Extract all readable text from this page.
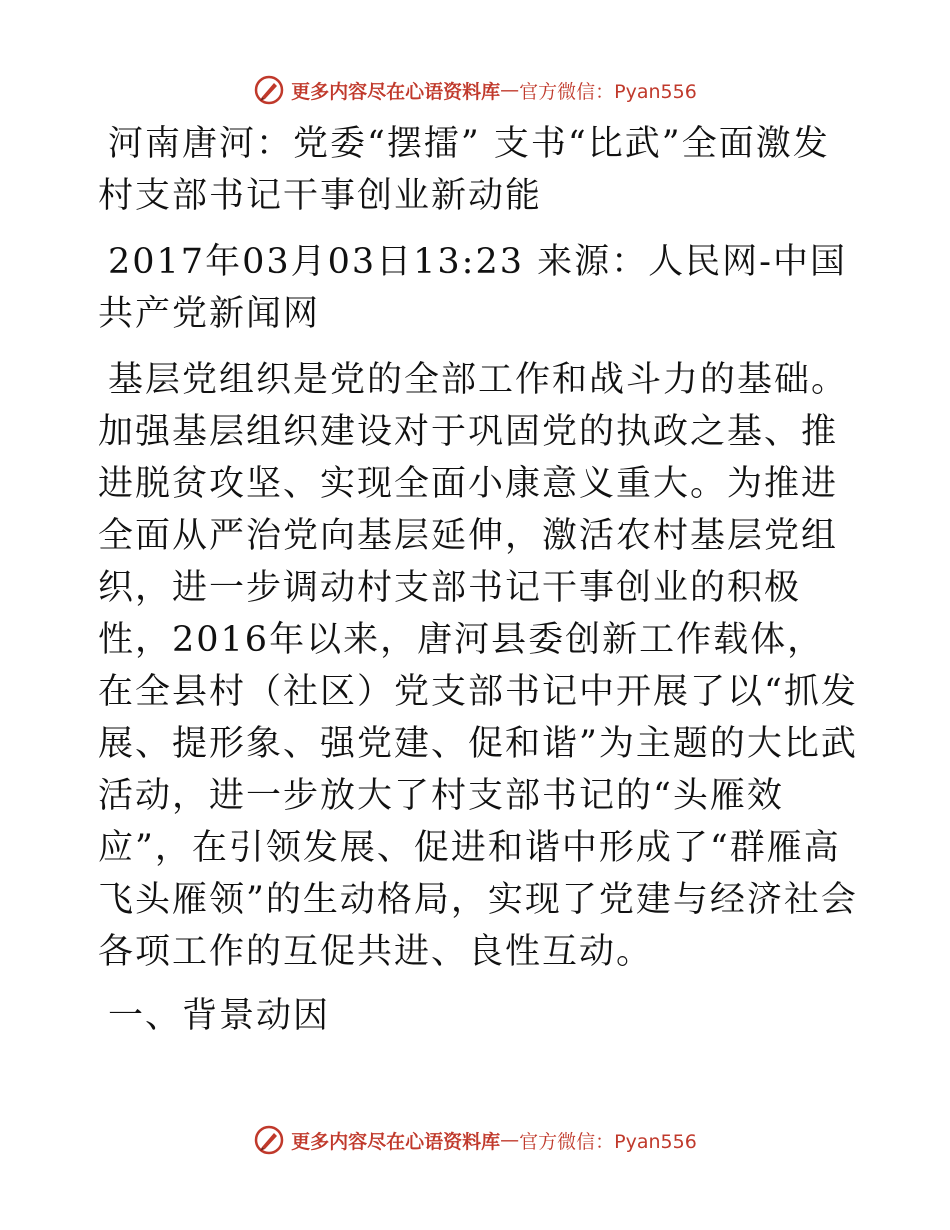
更多内容尽在心语资料库 — 官方微信：Pyan556

河南唐河：党委“摆擂” 支书“比武”全面激发村支部书记干事创业新动能

2017年03月03日13:23 来源：人民网-中国共产党新闻网

基层党组织是党的全部工作和战斗力的基础。加强基层组织建设对于巩固党的执政之基、推进脱贫攻坚、实现全面小康意义重大。为推进全面从严治党向基层延伸，激活农村基层党组织，进一步调动村支部书记干事创业的积极性，2016年以来，唐河县委创新工作载体，在全县村（社区）党支部书记中开展了以“抓发展、提形象、强党建、促和谐”为主题的大比武活动，进一步放大了村支部书记的“头雁效应”，在引领发展、促进和谐中形成了“群雁高飞头雁领”的生动格局，实现了党建与经济社会各项工作的互促共进、良性互动。

一、背景动因

更多内容尽在心语资料库 — 官方微信：Pyan556
